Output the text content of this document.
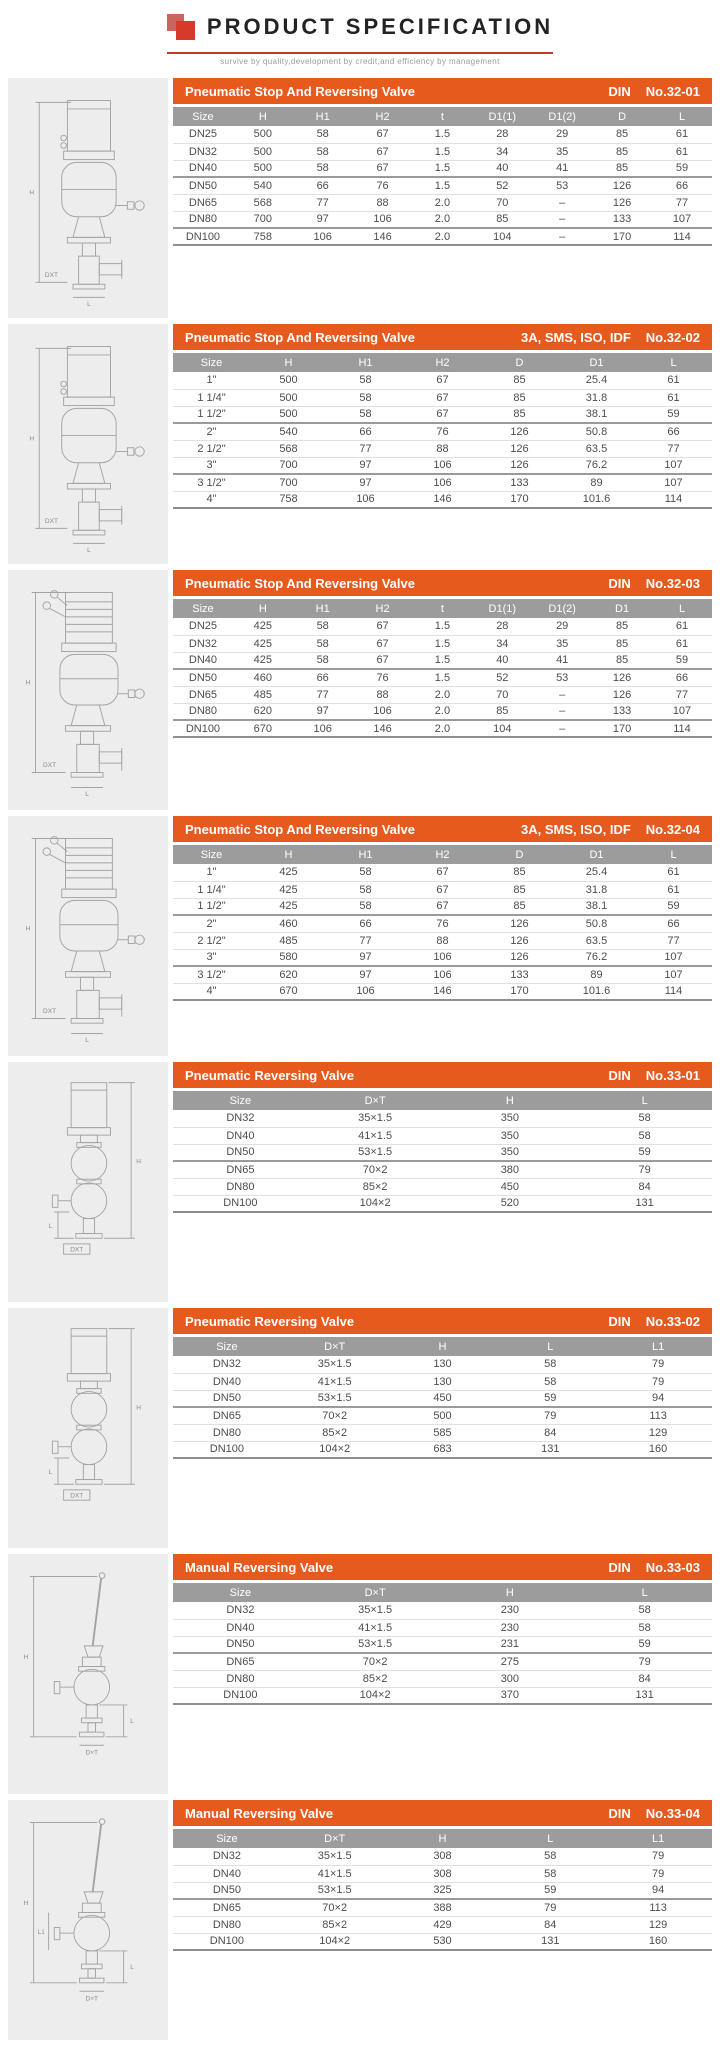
PRODUCT SPECIFICATION
survive by quality,development by credit,and efficiency by management
H
DXT
L
Pneumatic Stop And Reversing Valve	DIN No.32-01
Size	H	H1	H2	t	D1(1)	D1(2)	D	L
DN25	500	58	67	1.5	28	29	85	61
DN32	500	58	67	1.5	34	35	85	61
DN40	500	58	67	1.5	40	41	85	59
DN50	540	66	76	1.5	52	53	126	66
DN65	568	77	88	2.0	70	–	126	77
DN80	700	97	106	2.0	85	–	133	107
DN100	758	106	146	2.0	104	–	170	114
H
DXT
L
Pneumatic Stop And Reversing Valve	3A, SMS, ISO, IDF No.32-02
Size	H	H1	H2	D	D1	L
1"	500	58	67	85	25.4	61
1 1/4"	500	58	67	85	31.8	61
1 1/2"	500	58	67	85	38.1	59
2"	540	66	76	126	50.8	66
2 1/2"	568	77	88	126	63.5	77
3"	700	97	106	126	76.2	107
3 1/2"	700	97	106	133	89	107
4"	758	106	146	170	101.6	114
H
DXT
L
Pneumatic Stop And Reversing Valve	DIN No.32-03
Size	H	H1	H2	t	D1(1)	D1(2)	D1	L
DN25	425	58	67	1.5	28	29	85	61
DN32	425	58	67	1.5	34	35	85	61
DN40	425	58	67	1.5	40	41	85	59
DN50	460	66	76	1.5	52	53	126	66
DN65	485	77	88	2.0	70	–	126	77
DN80	620	97	106	2.0	85	–	133	107
DN100	670	106	146	2.0	104	–	170	114
H
DXT
L
Pneumatic Stop And Reversing Valve	3A, SMS, ISO, IDF No.32-04
Size	H	H1	H2	D	D1	L
1"	425	58	67	85	25.4	61
1 1/4"	425	58	67	85	31.8	61
1 1/2"	425	58	67	85	38.1	59
2"	460	66	76	126	50.8	66
2 1/2"	485	77	88	126	63.5	77
3"	580	97	106	126	76.2	107
3 1/2"	620	97	106	133	89	107
4"	670	106	146	170	101.6	114
H
L
DXT
Pneumatic Reversing Valve	DIN No.33-01
Size	D×T	H	L
DN32	35×1.5	350	58
DN40	41×1.5	350	58
DN50	53×1.5	350	59
DN65	70×2	380	79
DN80	85×2	450	84
DN100	104×2	520	131
H
L
DXT
Pneumatic Reversing Valve	DIN No.33-02
Size	D×T	H	L	L1
DN32	35×1.5	130	58	79
DN40	41×1.5	130	58	79
DN50	53×1.5	450	59	94
DN65	70×2	500	79	113
DN80	85×2	585	84	129
DN100	104×2	683	131	160
H
D×T
L
Manual Reversing Valve	DIN No.33-03
Size	D×T	H	L
DN32	35×1.5	230	58
DN40	41×1.5	230	58
DN50	53×1.5	231	59
DN65	70×2	275	79
DN80	85×2	300	84
DN100	104×2	370	131
H
D×T
L
L1
Manual Reversing Valve	DIN No.33-04
Size	D×T	H	L	L1
DN32	35×1.5	308	58	79
DN40	41×1.5	308	58	79
DN50	53×1.5	325	59	94
DN65	70×2	388	79	113
DN80	85×2	429	84	129
DN100	104×2	530	131	160
